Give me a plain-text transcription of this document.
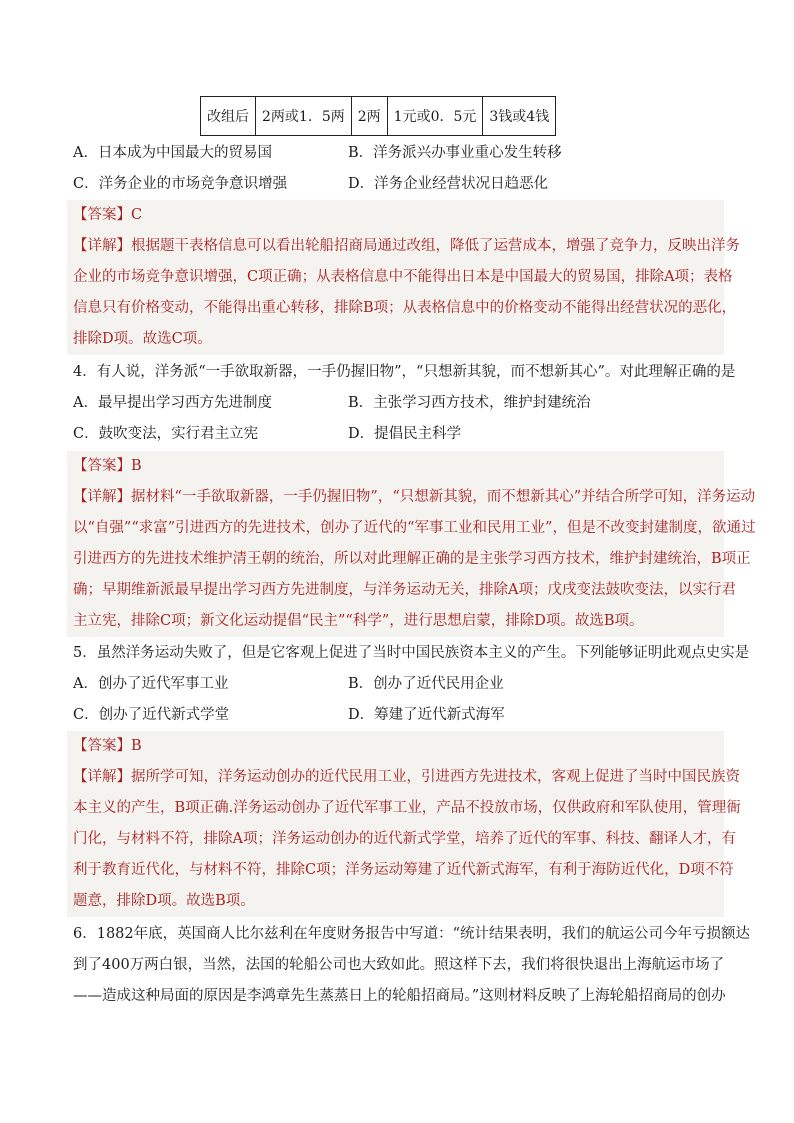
改组后	2两或1．5两	2两	1元或0．5元	3钱或4钱
A．日本成为中国最大的贸易国	B．洋务派兴办事业重心发生转移
C．洋务企业的市场竞争意识增强	D．洋务企业经营状况日趋恶化
【答案】C
【详解】根据题干表格信息可以看出轮船招商局通过改组，降低了运营成本，增强了竞争力，反映出洋务
企业的市场竞争意识增强，C项正确；从表格信息中不能得出日本是中国最大的贸易国，排除A项；表格
信息只有价格变动，不能得出重心转移，排除B项；从表格信息中的价格变动不能得出经营状况的恶化，
排除D项。故选C项。
4．有人说，洋务派“一手欲取新器，一手仍握旧物”，“只想新其貌，而不想新其心”。对此理解正确的是
A．最早提出学习西方先进制度	B．主张学习西方技术，维护封建统治
C．鼓吹变法，实行君主立宪	D．提倡民主科学
【答案】B
【详解】据材料“一手欲取新器，一手仍握旧物”，“只想新其貌，而不想新其心”并结合所学可知，洋务运动
以“自强”“求富”引进西方的先进技术，创办了近代的“军事工业和民用工业”，但是不改变封建制度，欲通过
引进西方的先进技术维护清王朝的统治，所以对此理解正确的是主张学习西方技术，维护封建统治，B项正
确；早期维新派最早提出学习西方先进制度，与洋务运动无关，排除A项；戊戌变法鼓吹变法，以实行君
主立宪，排除C项；新文化运动提倡“民主”“科学”，进行思想启蒙，排除D项。故选B项。
5．虽然洋务运动失败了，但是它客观上促进了当时中国民族资本主义的产生。下列能够证明此观点史实是
A．创办了近代军事工业	B．创办了近代民用企业
C．创办了近代新式学堂	D．筹建了近代新式海军
【答案】B
【详解】据所学可知，洋务运动创办的近代民用工业，引进西方先进技术，客观上促进了当时中国民族资
本主义的产生，B项正确.洋务运动创办了近代军事工业，产品不投放市场，仅供政府和军队使用，管理衙
门化，与材料不符，排除A项；洋务运动创办的近代新式学堂，培养了近代的军事、科技、翻译人才，有
利于教育近代化，与材料不符，排除C项；洋务运动筹建了近代新式海军，有利于海防近代化，D项不符
题意，排除D项。故选B项。
6．1882年底，英国商人比尔兹利在年度财务报告中写道：“统计结果表明，我们的航运公司今年亏损额达
到了400万两白银，当然，法国的轮船公司也大致如此。照这样下去，我们将很快退出上海航运市场了
——造成这种局面的原因是李鸿章先生蒸蒸日上的轮船招商局。”这则材料反映了上海轮船招商局的创办
